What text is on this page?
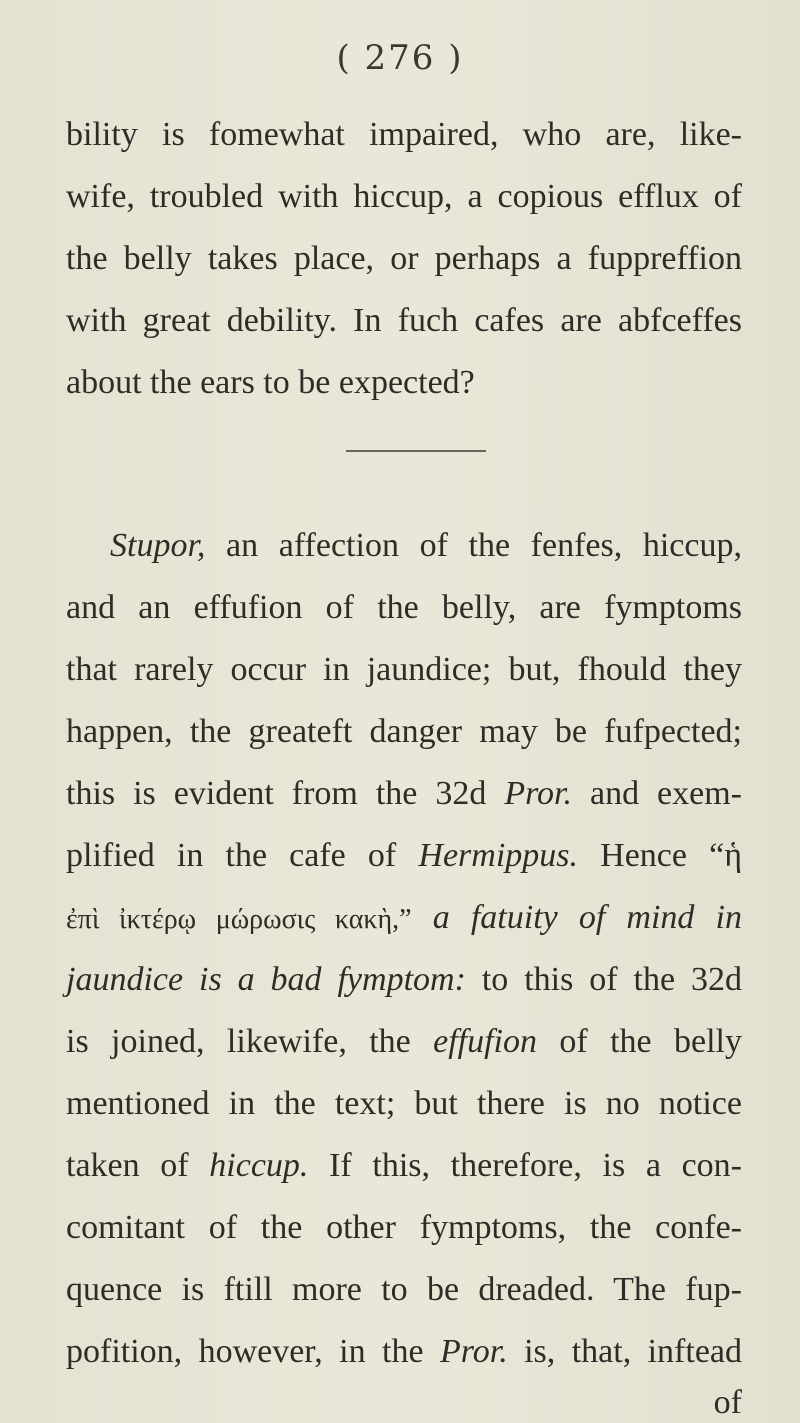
( 276 )
bility is fomewhat impaired, who are, like-
wife, troubled with hiccup, a copious efflux of
the belly takes place, or perhaps a fuppreffion
with great debility. In fuch cafes are abfceffes
about the ears to be expected?
Stupor, an affection of the fenfes, hiccup,
and an effufion of the belly, are fymptoms
that rarely occur in jaundice; but, fhould they
happen, the greateft danger may be fufpected;
this is evident from the 32d Pror. and exem-
plified in the cafe of Hermippus. Hence “ἡ
ἐπὶ ἰκτέρῳ μώρωσις κακὴ,” a fatuity of mind in
jaundice is a bad fymptom: to this of the 32d
is joined, likewife, the effufion of the belly
mentioned in the text; but there is no notice
taken of hiccup. If this, therefore, is a con-
comitant of the other fymptoms, the confe-
quence is ftill more to be dreaded. The fup-
pofition, however, in the Pror. is, that, inftead
of
